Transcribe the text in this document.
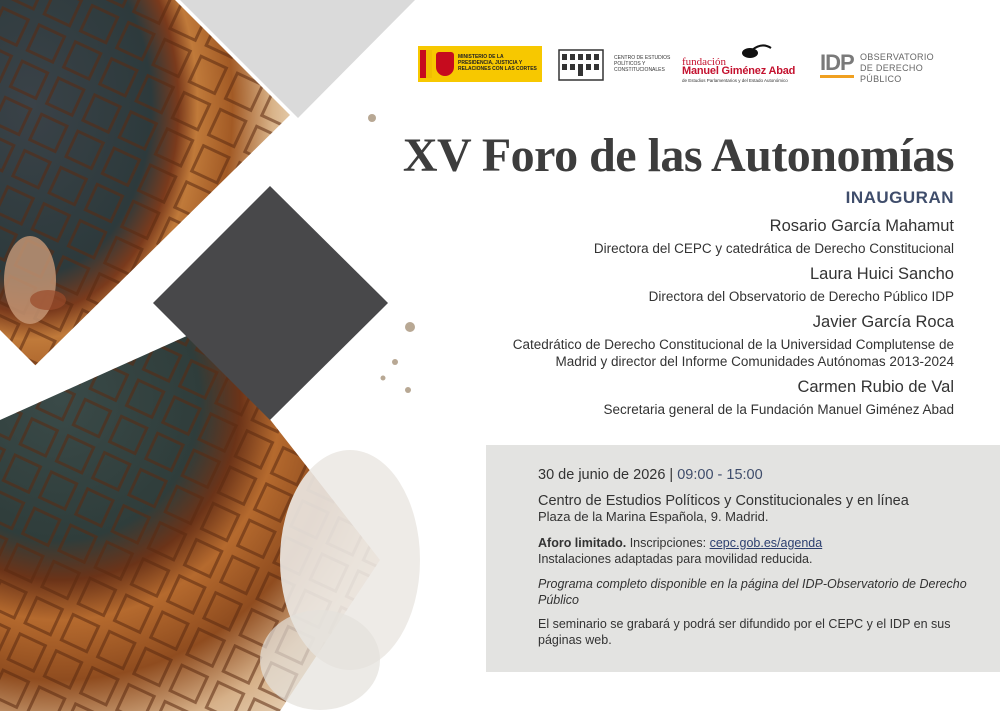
MINISTERIO DE LA PRESIDENCIA, JUSTICIA Y RELACIONES CON LAS CORTES
CENTRO DE ESTUDIOS POLÍTICOS Y CONSTITUCIONALES
fundación
Manuel Giménez Abad
de Estudios Parlamentarios y del Estado Autonómico
IDP OBSERVATORIO
DE DERECHO PÚBLICO
XV Foro de las Autonomías
INAUGURAN

Rosario García Mahamut

Directora del CEPC y catedrática de Derecho Constitucional

Laura Huici Sancho

Directora del Observatorio de Derecho Público IDP

Javier García Roca

Catedrático de Derecho Constitucional de la Universidad Complutense de Madrid y director del Informe Comunidades Autónomas 2013-2024

Carmen Rubio de Val

Secretaria general de la Fundación Manuel Giménez Abad

30 de junio de 2026 | 09:00 - 15:00

Centro de Estudios Políticos y Constitucionales y en línea

Plaza de la Marina Española, 9. Madrid.

Aforo limitado. Inscripciones: cepc.gob.es/agenda

Instalaciones adaptadas para movilidad reducida.

Programa completo disponible en la página del IDP-Observatorio de Derecho Público

El seminario se grabará y podrá ser difundido por el CEPC y el IDP en sus páginas web.
